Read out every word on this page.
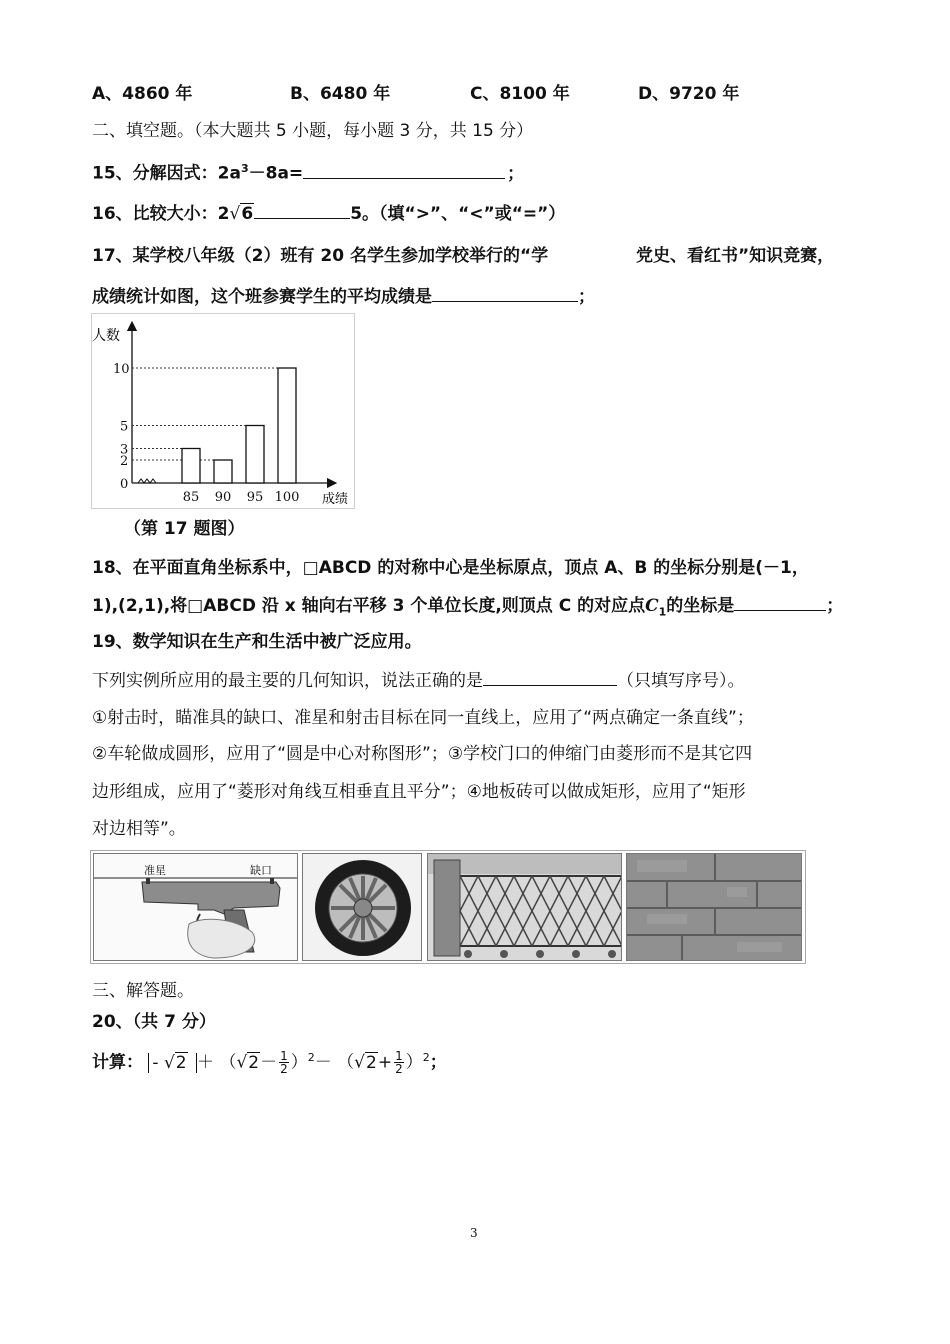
A、4860 年	B、6480 年	C、8100 年	D、9720 年
二、填空题。（本大题共 5 小题，每小题 3 分，共 15 分）
15、分解因式：$2a^3-8a=$	；
16、比较大小：2√6	5。（填“>”、“<”或“=”）
17、某学校八年级（2）班有 20 名学生参加学校举行的“学	党史、看红书”知识竞赛，
成绩统计如图，这个班参赛学生的平均成绩是	；
人数
成绩
0
2
3
5
10
85 90 95 100
（第 17 题图）
18、在平面直角坐标系中，□ABCD 的对称中心是坐标原点，顶点 A、B 的坐标分别是(－1，
1),(2,1),将□ABCD 沿 x 轴向右平移 3 个单位长度,则顶点 C 的对应点$C_1$的坐标是	；
19、数学知识在生产和生活中被广泛应用。
下列实例所应用的最主要的几何知识，说法正确的是	（只填写序号）。
①射击时，瞄准具的缺口、准星和射击目标在同一直线上，应用了“两点确定一条直线”；
②车轮做成圆形，应用了“圆是中心对称图形”；③学校门口的伸缩门由菱形而不是其它四
边形组成，应用了“菱形对角线互相垂直且平分”；④地板砖可以做成矩形，应用了“矩形
对边相等”。
准星	缺口
三、解答题。
20、（共 7 分）
计算： - $√2 + (√2- \frac{1}{2} )^2- (√2+ \frac{1}{2} )^2$；
3
